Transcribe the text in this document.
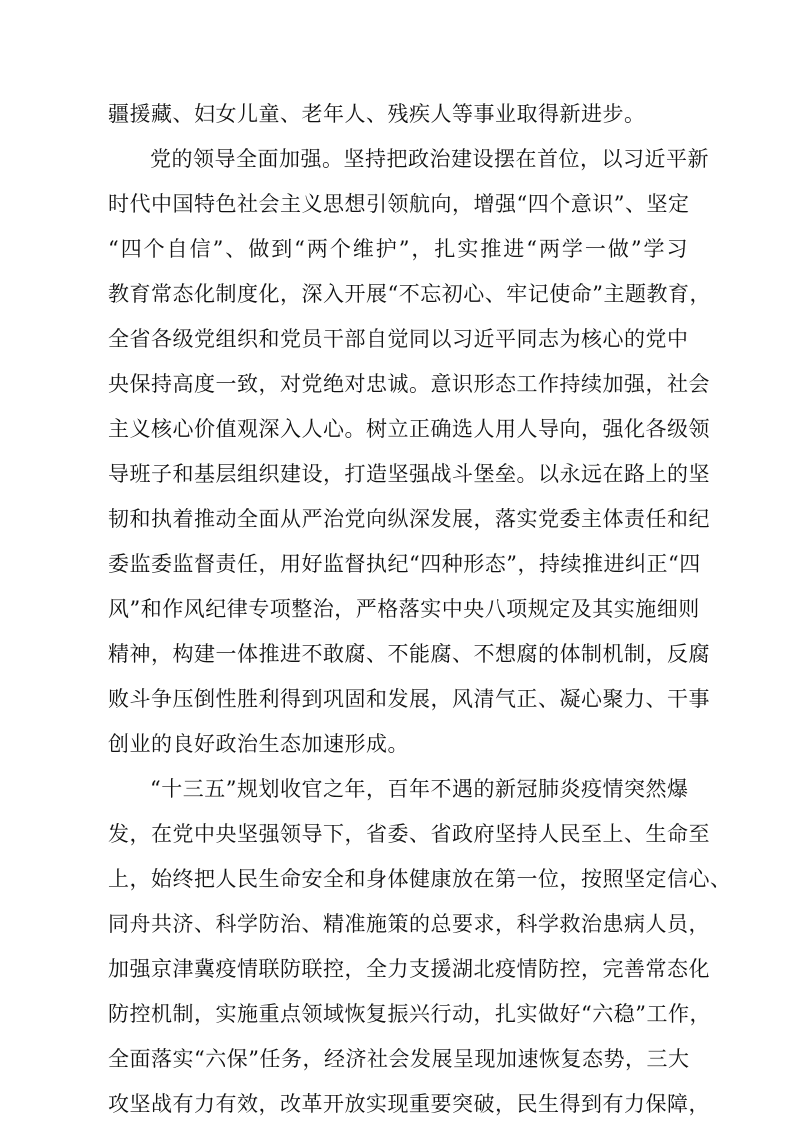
疆援藏、妇女儿童、老年人、残疾人等事业取得新进步。
党的领导全面加强。坚持把政治建设摆在首位，以习近平新
时代中国特色社会主义思想引领航向，增强“四个意识”、坚定
“四个自信”、做到“两个维护”，扎实推进“两学一做”学习
教育常态化制度化，深入开展“不忘初心、牢记使命”主题教育，
全省各级党组织和党员干部自觉同以习近平同志为核心的党中
央保持高度一致，对党绝对忠诚。意识形态工作持续加强，社会
主义核心价值观深入人心。树立正确选人用人导向，强化各级领
导班子和基层组织建设，打造坚强战斗堡垒。以永远在路上的坚
韧和执着推动全面从严治党向纵深发展，落实党委主体责任和纪
委监委监督责任，用好监督执纪“四种形态”，持续推进纠正“四
风”和作风纪律专项整治，严格落实中央八项规定及其实施细则
精神，构建一体推进不敢腐、不能腐、不想腐的体制机制，反腐
败斗争压倒性胜利得到巩固和发展，风清气正、凝心聚力、干事
创业的良好政治生态加速形成。
“十三五”规划收官之年，百年不遇的新冠肺炎疫情突然爆
发，在党中央坚强领导下，省委、省政府坚持人民至上、生命至
上，始终把人民生命安全和身体健康放在第一位，按照坚定信心、
同舟共济、科学防治、精准施策的总要求，科学救治患病人员，
加强京津冀疫情联防联控，全力支援湖北疫情防控，完善常态化
防控机制，实施重点领域恢复振兴行动，扎实做好“六稳”工作，
全面落实“六保”任务，经济社会发展呈现加速恢复态势，三大
攻坚战有力有效，改革开放实现重要突破，民生得到有力保障，
